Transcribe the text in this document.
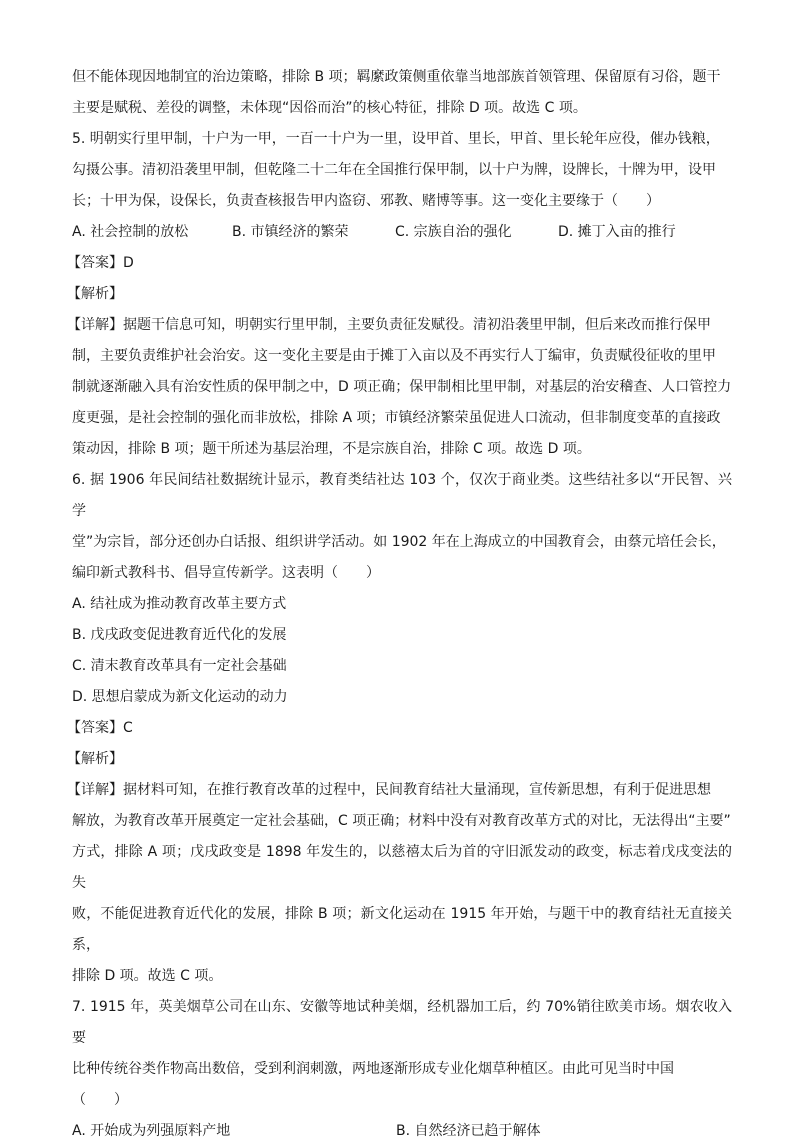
但不能体现因地制宜的治边策略，排除 B 项；羁縻政策侧重依靠当地部族首领管理、保留原有习俗，题干

主要是赋税、差役的调整，未体现“因俗而治”的核心特征，排除 D 项。故选 C 项。

5. 明朝实行里甲制，十户为一甲，一百一十户为一里，设甲首、里长，甲首、里长轮年应役，催办钱粮，

勾摄公事。清初沿袭里甲制，但乾隆二十二年在全国推行保甲制，以十户为牌，设牌长，十牌为甲，设甲

长；十甲为保，设保长，负责查核报告甲内盗窃、邪教、赌博等事。这一变化主要缘于（　　）

A. 社会控制的放松	B. 市镇经济的繁荣	C. 宗族自治的强化	D. 摊丁入亩的推行

【答案】D

【解析】

【详解】据题干信息可知，明朝实行里甲制，主要负责征发赋役。清初沿袭里甲制，但后来改而推行保甲

制，主要负责维护社会治安。这一变化主要是由于摊丁入亩以及不再实行人丁编审，负责赋役征收的里甲

制就逐渐融入具有治安性质的保甲制之中，D 项正确；保甲制相比里甲制，对基层的治安稽查、人口管控力

度更强，是社会控制的强化而非放松，排除 A 项；市镇经济繁荣虽促进人口流动，但非制度变革的直接政

策动因，排除 B 项；题干所述为基层治理，不是宗族自治，排除 C 项。故选 D 项。

6. 据 1906 年民间结社数据统计显示，教育类结社达 103 个，仅次于商业类。这些结社多以“开民智、兴学

堂”为宗旨，部分还创办白话报、组织讲学活动。如 1902 年在上海成立的中国教育会，由蔡元培任会长，

编印新式教科书、倡导宣传新学。这表明（　　）

A. 结社成为推动教育改革主要方式

B. 戊戌政变促进教育近代化的发展

C. 清末教育改革具有一定社会基础

D. 思想启蒙成为新文化运动的动力

【答案】C

【解析】

【详解】据材料可知，在推行教育改革的过程中，民间教育结社大量涌现，宣传新思想，有利于促进思想

解放，为教育改革开展奠定一定社会基础，C 项正确；材料中没有对教育改革方式的对比，无法得出“主要”

方式，排除 A 项；戊戌政变是 1898 年发生的，以慈禧太后为首的守旧派发动的政变，标志着戊戌变法的失

败，不能促进教育近代化的发展，排除 B 项；新文化运动在 1915 年开始，与题干中的教育结社无直接关系，

排除 D 项。故选 C 项。

7. 1915 年，英美烟草公司在山东、安徽等地试种美烟，经机器加工后，约 70%销往欧美市场。烟农收入要

比种传统谷类作物高出数倍，受到利润刺激，两地逐渐形成专业化烟草种植区。由此可见当时中国

（　　）

A. 开始成为列强原料产地	B. 自然经济已趋于解体
